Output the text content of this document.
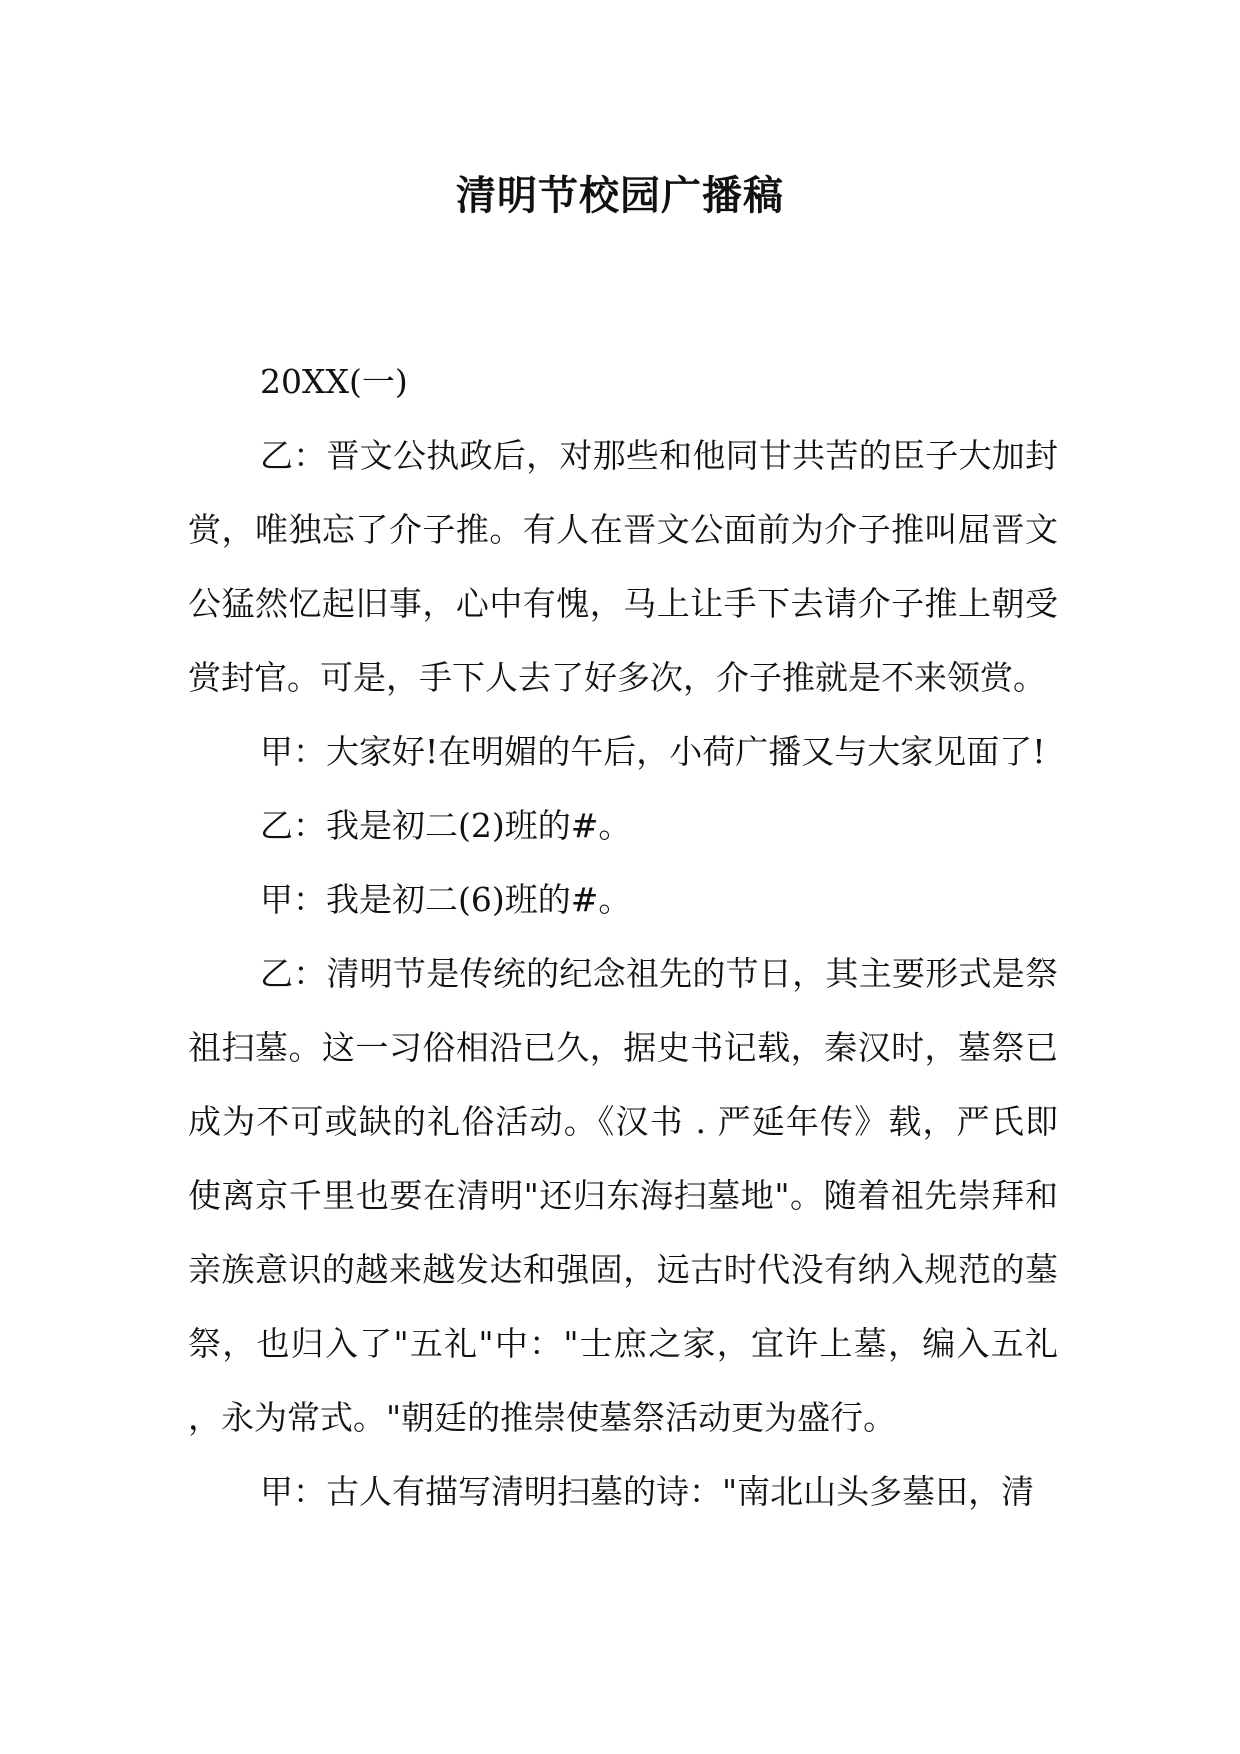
清明节校园广播稿

20XX(一)

乙：晋文公执政后，对那些和他同甘共苦的臣子大加封赏，唯独忘了介子推。有人在晋文公面前为介子推叫屈晋文公猛然忆起旧事，心中有愧，马上让手下去请介子推上朝受赏封官。可是，手下人去了好多次，介子推就是不来领赏。

甲：大家好!在明媚的午后，小荷广播又与大家见面了!

乙：我是初二(2)班的#。

甲：我是初二(6)班的#。

乙：清明节是传统的纪念祖先的节日，其主要形式是祭祖扫墓。这一习俗相沿已久，据史书记载，秦汉时，墓祭已成为不可或缺的礼俗活动。《汉书 . 严延年传》载，严氏即使离京千里也要在清明"还归东海扫墓地"。随着祖先崇拜和亲族意识的越来越发达和强固，远古时代没有纳入规范的墓祭，也归入了"五礼"中："士庶之家，宜许上墓，编入五礼，永为常式。"朝廷的推崇使墓祭活动更为盛行。

甲：古人有描写清明扫墓的诗："南北山头多墓田，清
